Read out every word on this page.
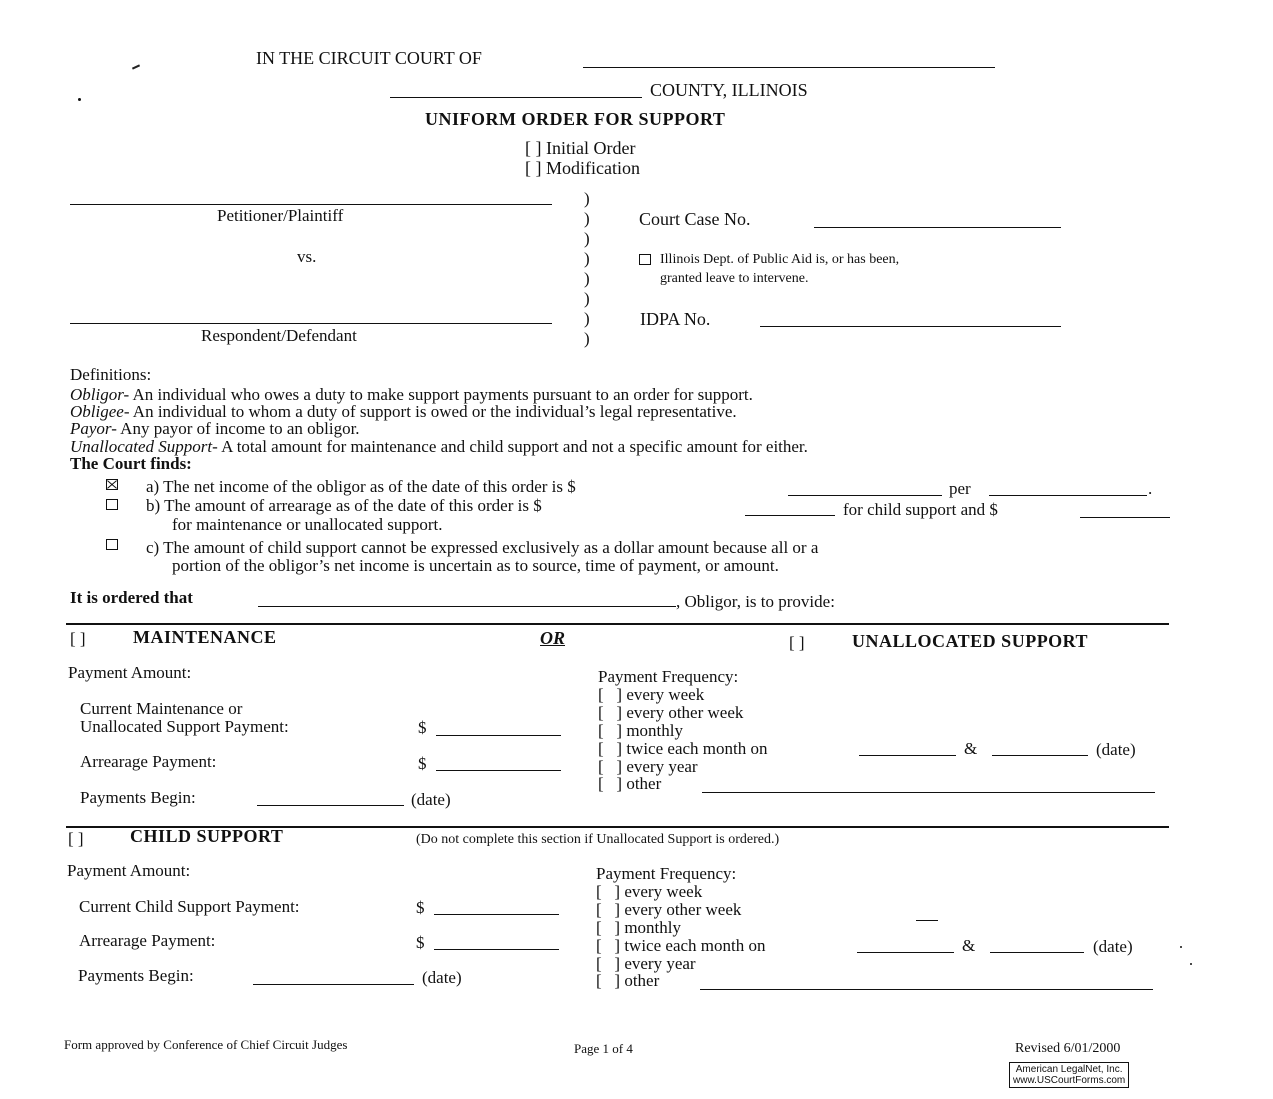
IN THE CIRCUIT COURT OF
COUNTY, ILLINOIS
UNIFORM ORDER FOR SUPPORT
[ ] Initial Order
[ ] Modification
Petitioner/Plaintiff
vs.
Respondent/Defendant
)
)
)
)
)
)
)
)
Court Case No.
Illinois Dept. of Public Aid is, or has been,
granted leave to intervene.
IDPA No.
Definitions:
Obligor- An individual who owes a duty to make support payments pursuant to an order for support.
Obligee- An individual to whom a duty of support is owed or the individual’s legal representative.
Payor- Any payor of income to an obligor.
Unallocated Support- A total amount for maintenance and child support and not a specific amount for either.
The Court finds:
a) The net income of the obligor as of the date of this order is $	per	.
b) The amount of arrearage as of the date of this order is $	for child support and $
for maintenance or unallocated support.
c) The amount of child support cannot be expressed exclusively as a dollar amount because all or a
portion of the obligor’s net income is uncertain as to source, time of payment, or amount.
It is ordered that	, Obligor, is to provide:
[ ]	MAINTENANCE	OR	[ ]	UNALLOCATED SUPPORT
Payment Amount:
Current Maintenance or
Unallocated Support Payment:	$
Arrearage Payment:	$
Payments Begin:	(date)
Payment Frequency:
[   ] every week
[   ] every other week
[   ] monthly
[   ] twice each month on	&	(date)
[   ] every year
[   ] other
[ ]	CHILD SUPPORT	(Do not complete this section if Unallocated Support is ordered.)
Payment Amount:
Current Child Support Payment:	$
Arrearage Payment:	$
Payments Begin:	(date)
Payment Frequency:
[   ] every week
[   ] every other week
[   ] monthly
[   ] twice each month on	&	(date)
[   ] every year
[   ] other
Form approved by Conference of Chief Circuit Judges	Page 1 of 4	Revised 6/01/2000
American LegalNet, Inc.
www.USCourtForms.com
